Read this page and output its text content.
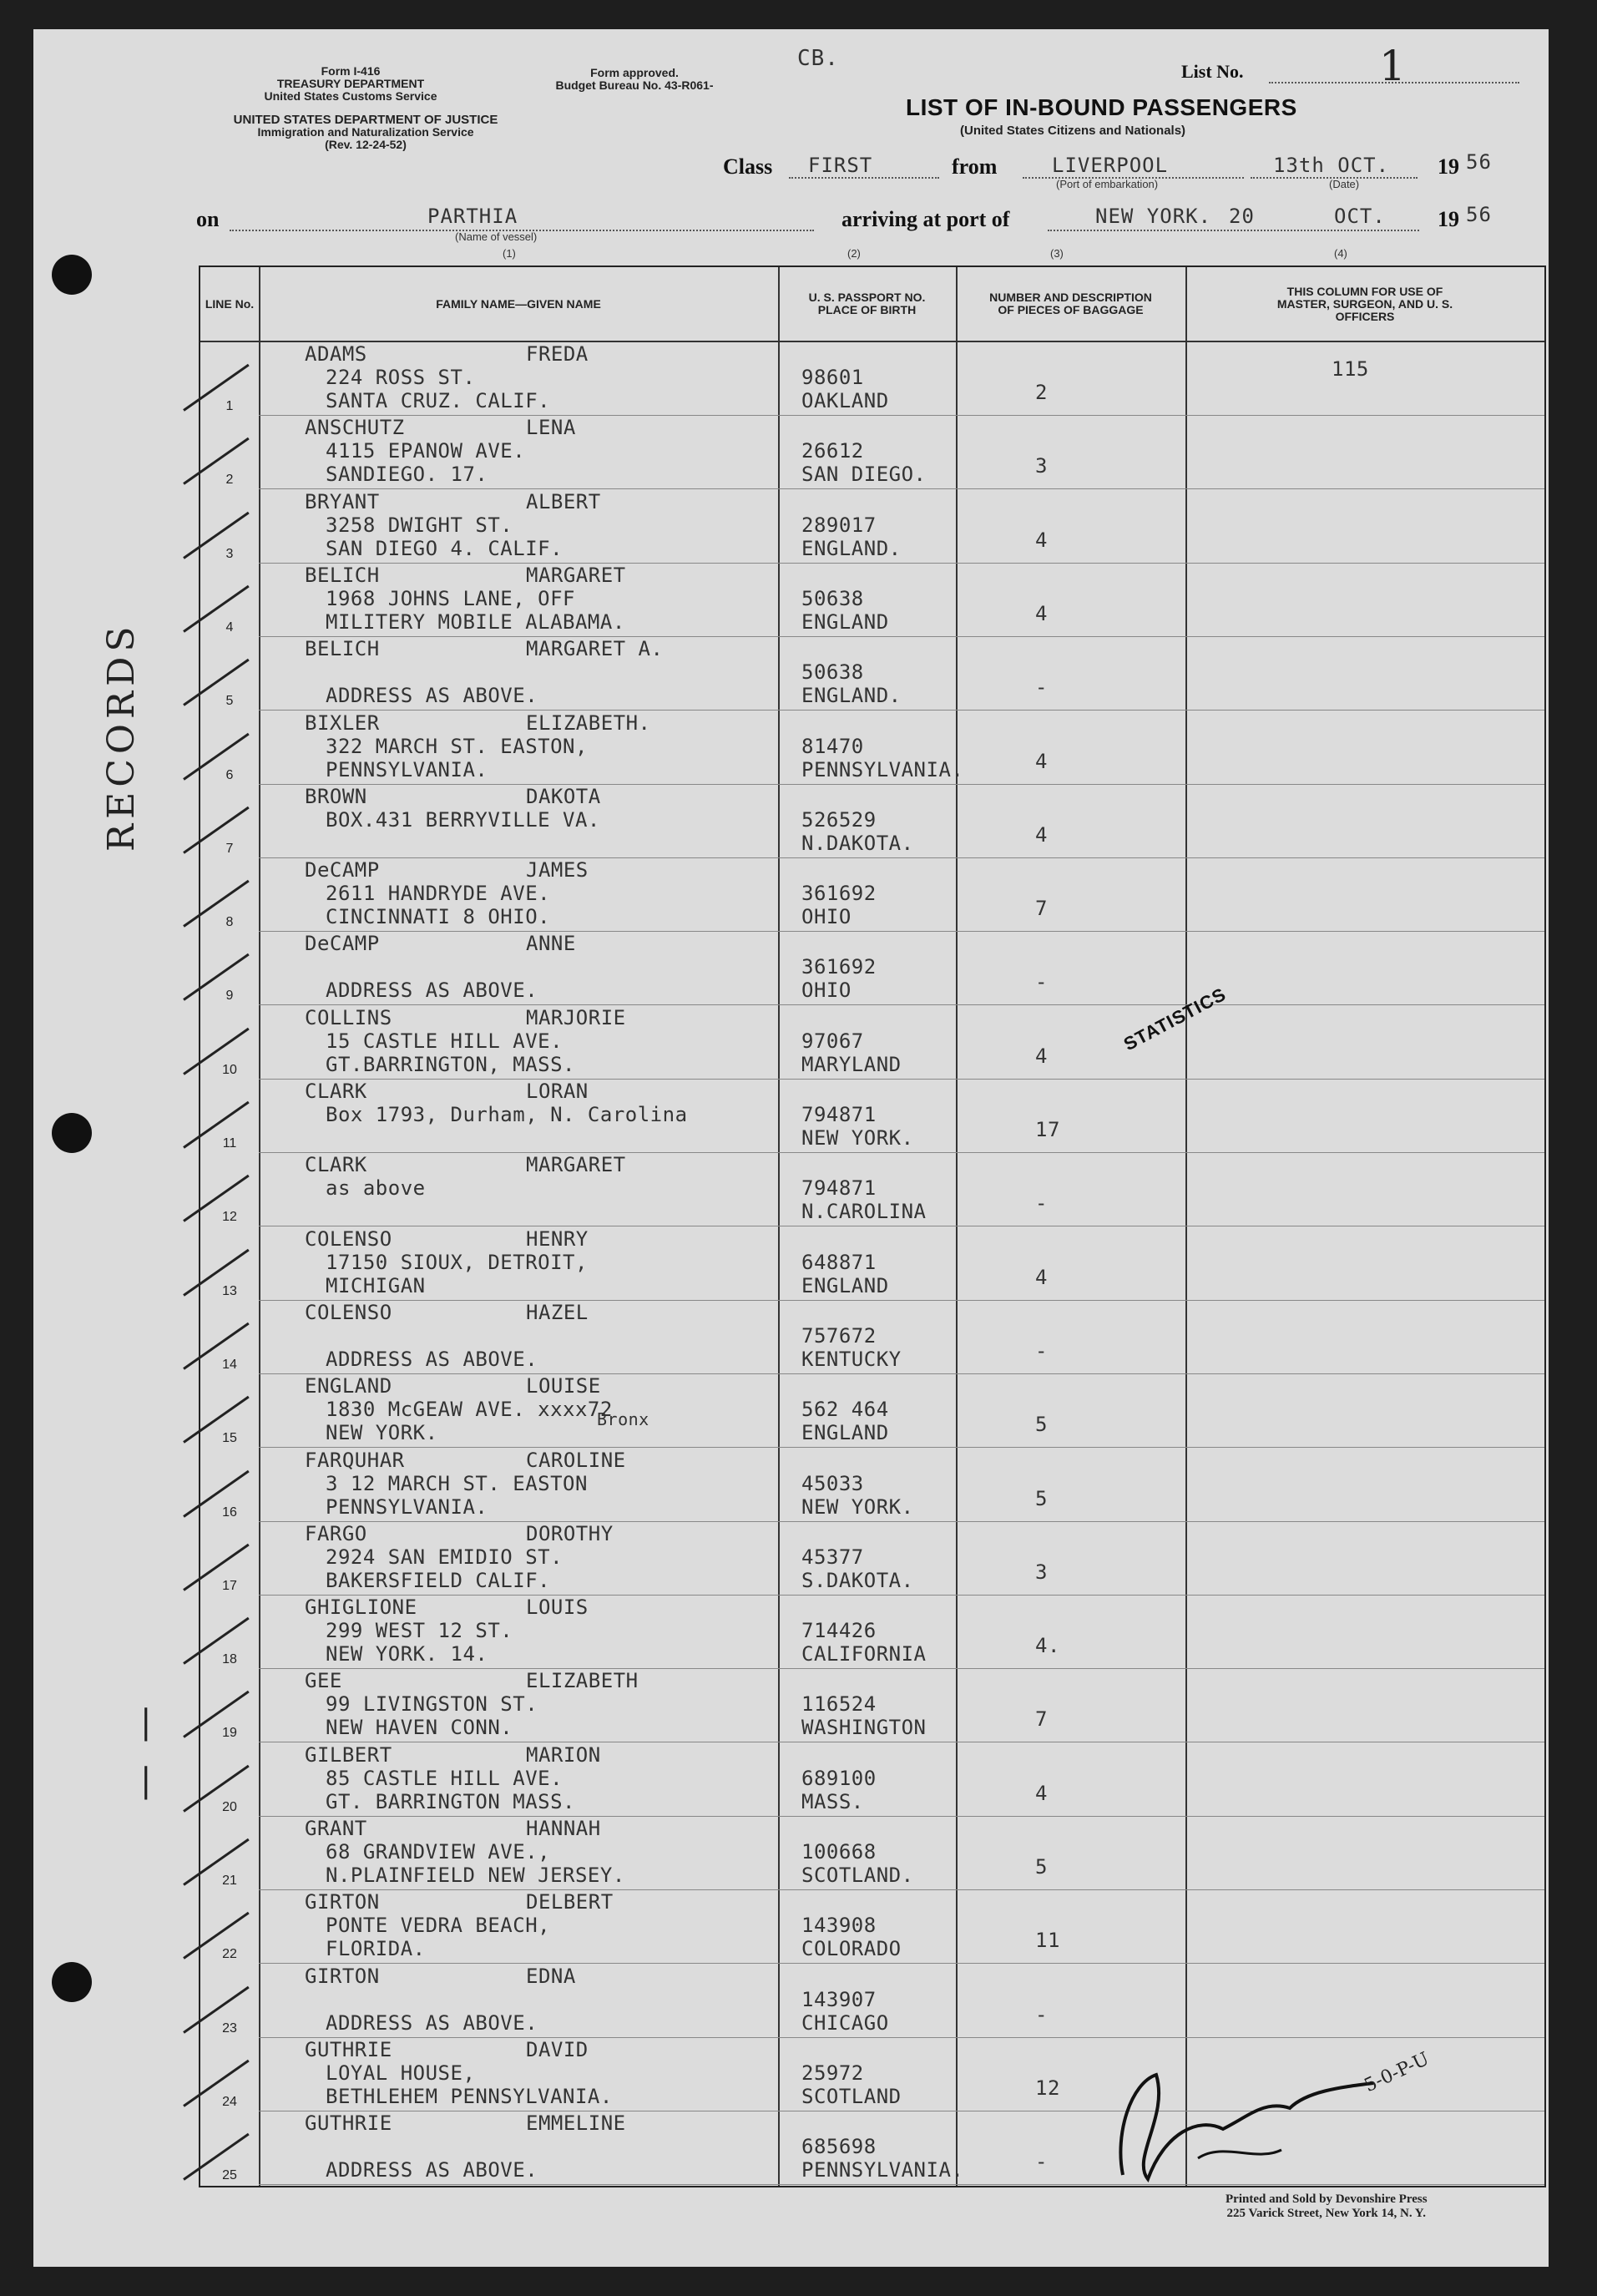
Form I-416
TREASURY DEPARTMENT
United States Customs Service
Form approved.
Budget Bureau No. 43-R061-
UNITED STATES DEPARTMENT OF JUSTICE
Immigration and Naturalization Service
(Rev. 12-24-52)
CB.
List No.	1
LIST OF IN-BOUND PASSENGERS
(United States Citizens and Nationals)
Class FIRST	from	LIVERPOOL
(Port of embarkation)
13th OCT.
(Date)
19 56
on	PARTHIA
(Name of vessel)
(1)
arriving at port of	NEW YORK. 20	OCT. 19 56
(2)	(3)	(4)
LINE No.	FAMILY NAME—GIVEN NAME	U. S. PASSPORT NO. PLACE OF BIRTH
NUMBER AND DESCRIPTION OF PIECES OF BAGGAGE
THIS COLUMN FOR USE OF MASTER, SURGEON, AND U. S. OFFICERS
1
ADAMS	FREDA
224 ROSS ST.
SANTA CRUZ. CALIF.
98601
OAKLAND	2
115
2
ANSCHUTZ	LENA
4115 EPANOW AVE.
SANDIEGO. 17.
26612
SAN DIEGO.	3
3
BRYANT	ALBERT
3258 DWIGHT ST.
SAN DIEGO 4. CALIF.
289017
ENGLAND.	4
4
BELICH	MARGARET
1968 JOHNS LANE, OFF
MILITERY MOBILE ALABAMA.
50638
ENGLAND	4
5
BELICH	MARGARET A.
ADDRESS AS ABOVE.
50638
ENGLAND.	-
6
BIXLER	ELIZABETH.
322 MARCH ST. EASTON,
PENNSYLVANIA.
81470
PENNSYLVANIA.	4
7
BROWN	DAKOTA
BOX.431 BERRYVILLE VA.	526529
N.DAKOTA.	4
8
DeCAMP	JAMES
2611 HANDRYDE AVE.
CINCINNATI 8 OHIO.
361692
OHIO	7
9
DeCAMP	ANNE
ADDRESS AS ABOVE.
361692
OHIO	-
10
COLLINS	MARJORIE
15 CASTLE HILL AVE.
GT.BARRINGTON, MASS.
97067
MARYLAND	4
11
CLARK	LORAN
Box 1793, Durham, N. Carolina	794871
NEW YORK.	17
12
CLARK	MARGARET
as above	794871
N.CAROLINA	-
13
COLENSO	HENRY
17150 SIOUX, DETROIT,
MICHIGAN
648871
ENGLAND	4
14
COLENSO	HAZEL
ADDRESS AS ABOVE.
757672
KENTUCKY	-
15
ENGLAND	LOUISE
1830 McGEAW AVE. xxxx72
NEW YORK.
562 464
ENGLAND	5
Bronx
16
FARQUHAR	CAROLINE
3 12 MARCH ST. EASTON
PENNSYLVANIA.
45033
NEW YORK.	5
17
FARGO	DOROTHY
2924 SAN EMIDIO ST.
BAKERSFIELD CALIF.
45377
S.DAKOTA.	3
18
GHIGLIONE	LOUIS
299 WEST 12 ST.
NEW YORK. 14.
714426
CALIFORNIA	4.
19
GEE	ELIZABETH
99 LIVINGSTON ST.
NEW HAVEN CONN.
116524
WASHINGTON	7
20
GILBERT	MARION
85 CASTLE HILL AVE.
GT. BARRINGTON MASS.
689100
MASS.	4
21
GRANT	HANNAH
68 GRANDVIEW AVE.,
N.PLAINFIELD NEW JERSEY.
100668
SCOTLAND.	5
22
GIRTON	DELBERT
PONTE VEDRA BEACH,
FLORIDA.
143908
COLORADO	11
23
GIRTON	EDNA
ADDRESS AS ABOVE.
143907
CHICAGO	-
24
GUTHRIE	DAVID
LOYAL HOUSE,
BETHLEHEM PENNSYLVANIA.
25972
SCOTLAND	12
25
GUTHRIE	EMMELINE
ADDRESS AS ABOVE.
685698
PENNSYLVANIA.	-
RECORDS
|
|
STATISTICS
5-0-P-U
Printed and Sold by Devonshire Press
225 Varick Street, New York 14, N. Y.
